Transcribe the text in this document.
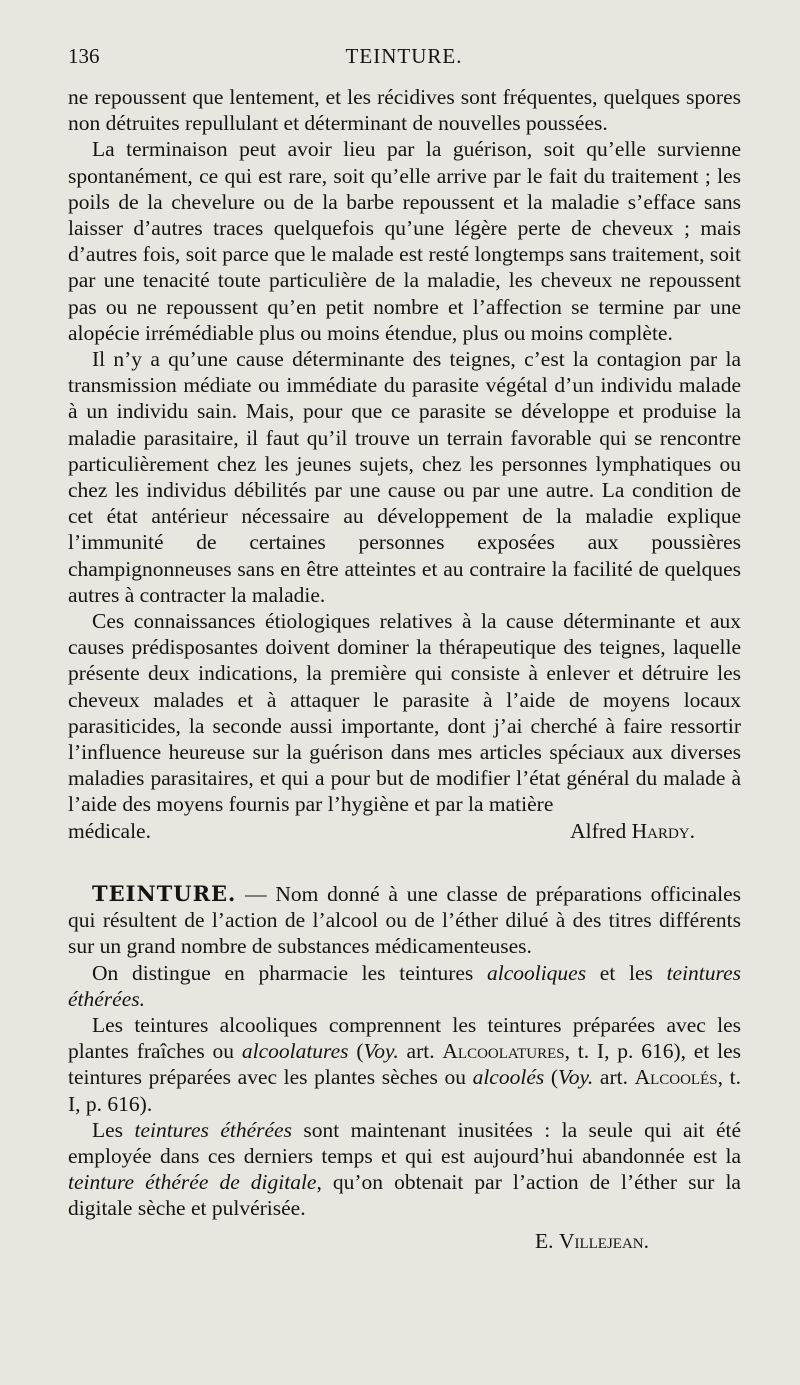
136	TEINTURE.

ne repoussent que lentement, et les récidives sont fréquentes, quelques spores non détruites repullulant et déterminant de nouvelles poussées.

La terminaison peut avoir lieu par la guérison, soit qu’elle survienne spontanément, ce qui est rare, soit qu’elle arrive par le fait du traitement ; les poils de la chevelure ou de la barbe repoussent et la maladie s’efface sans laisser d’autres traces quelquefois qu’une légère perte de cheveux ; mais d’autres fois, soit parce que le malade est resté longtemps sans traitement, soit par une tenacité toute particulière de la maladie, les cheveux ne repoussent pas ou ne repoussent qu’en petit nombre et l’affection se termine par une alopécie irrémédiable plus ou moins étendue, plus ou moins complète.

Il n’y a qu’une cause déterminante des teignes, c’est la contagion par la transmission médiate ou immédiate du parasite végétal d’un individu malade à un individu sain. Mais, pour que ce parasite se développe et produise la maladie parasitaire, il faut qu’il trouve un terrain favorable qui se rencontre particulièrement chez les jeunes sujets, chez les personnes lymphatiques ou chez les individus débilités par une cause ou par une autre. La condition de cet état antérieur nécessaire au développement de la maladie explique l’immunité de certaines personnes exposées aux poussières champignonneuses sans en être atteintes et au contraire la facilité de quelques autres à contracter la maladie.

Ces connaissances étiologiques relatives à la cause déterminante et aux causes prédisposantes doivent dominer la thérapeutique des teignes, laquelle présente deux indications, la première qui consiste à enlever et détruire les cheveux malades et à attaquer le parasite à l’aide de moyens locaux parasiticides, la seconde aussi importante, dont j’ai cherché à faire ressortir l’influence heureuse sur la guérison dans mes articles spéciaux aux diverses maladies parasitaires, et qui a pour but de modifier l’état général du malade à l’aide des moyens fournis par l’hygiène et par la matière

médicale.	Alfred Hardy.

TEINTURE. — Nom donné à une classe de préparations officinales qui résultent de l’action de l’alcool ou de l’éther dilué à des titres différents sur un grand nombre de substances médicamenteuses.

On distingue en pharmacie les teintures alcooliques et les teintures éthérées.

Les teintures alcooliques comprennent les teintures préparées avec les plantes fraîches ou alcoolatures (Voy. art. Alcoolatures, t. I, p. 616), et les teintures préparées avec les plantes sèches ou alcoolés (Voy. art. Alcoolés, t. I, p. 616).

Les teintures éthérées sont maintenant inusitées : la seule qui ait été employée dans ces derniers temps et qui est aujourd’hui abandonnée est la teinture éthérée de digitale, qu’on obtenait par l’action de l’éther sur la digitale sèche et pulvérisée.

E. Villejean.
